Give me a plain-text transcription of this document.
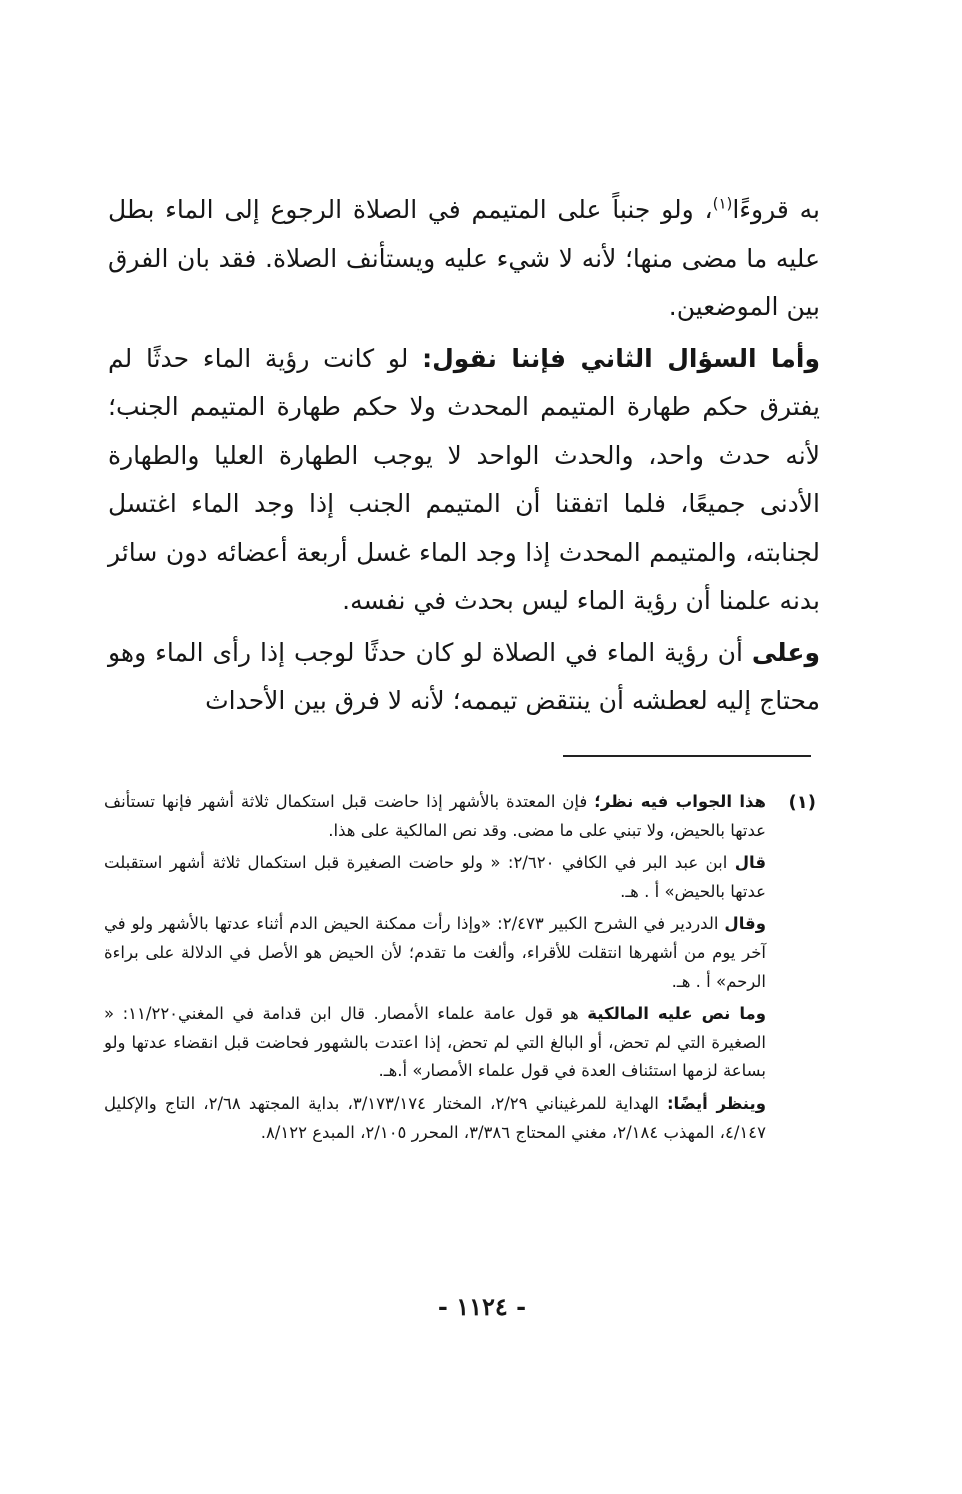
به قروءًا$^{(١)}$، ولو جنباً على المتيمم في الصلاة الرجوع إلى الماء بطل عليه ما مضى منها؛ لأنه لا شيء عليه ويستأنف الصلاة. فقد بان الفرق بين الموضعين.

وأما السؤال الثاني فإننا نقول: لو كانت رؤية الماء حدثًا لم يفترق حكم طهارة المتيمم المحدث ولا حكم طهارة المتيمم الجنب؛ لأنه حدث واحد، والحدث الواحد لا يوجب الطهارة العليا والطهارة الأدنى جميعًا، فلما اتفقنا أن المتيمم الجنب إذا وجد الماء اغتسل لجنابته، والمتيمم المحدث إذا وجد الماء غسل أربعة أعضائه دون سائر بدنه علمنا أن رؤية الماء ليس بحدث في نفسه.

وعلى أن رؤية الماء في الصلاة لو كان حدثًا لوجب إذا رأى الماء وهو محتاج إليه لعطشه أن ينتقض تيممه؛ لأنه لا فرق بين الأحداث

(١)

هذا الجواب فيه نظر؛ فإن المعتدة بالأشهر إذا حاضت قبل استكمال ثلاثة أشهر فإنها تستأنف عدتها بالحيض، ولا تبني على ما مضى. وقد نص المالكية على هذا.

قال ابن عبد البر في الكافي ٢/٦٢٠: « ولو حاضت الصغيرة قبل استكمال ثلاثة أشهر استقبلت عدتها بالحيض» أ . هـ.

وقال الدردير في الشرح الكبير ٢/٤٧٣: «وإذا رأت ممكنة الحيض الدم أثناء عدتها بالأشهر ولو في آخر يوم من أشهرها انتقلت للأقراء، وألغت ما تقدم؛ لأن الحيض هو الأصل في الدلالة على براءة الرحم» أ . هـ.

وما نص عليه المالكية هو قول عامة علماء الأمصار. قال ابن قدامة في المغني١١/٢٢٠: « الصغيرة التي لم تحض، أو البالغ التي لم تحض، إذا اعتدت بالشهور فحاضت قبل انقضاء عدتها ولو بساعة لزمها استئناف العدة في قول علماء الأمصار» أ.هـ.

وينظر أيضًا: الهداية للمرغيناني ٢/٢٩، المختار ٣/١٧٣/١٧٤، بداية المجتهد ٢/٦٨، التاج والإكليل ٤/١٤٧، المهذب ٢/١٨٤، مغني المحتاج ٣/٣٨٦، المحرر ٢/١٠٥، المبدع ٨/١٢٢.

- ١١٢٤ -
